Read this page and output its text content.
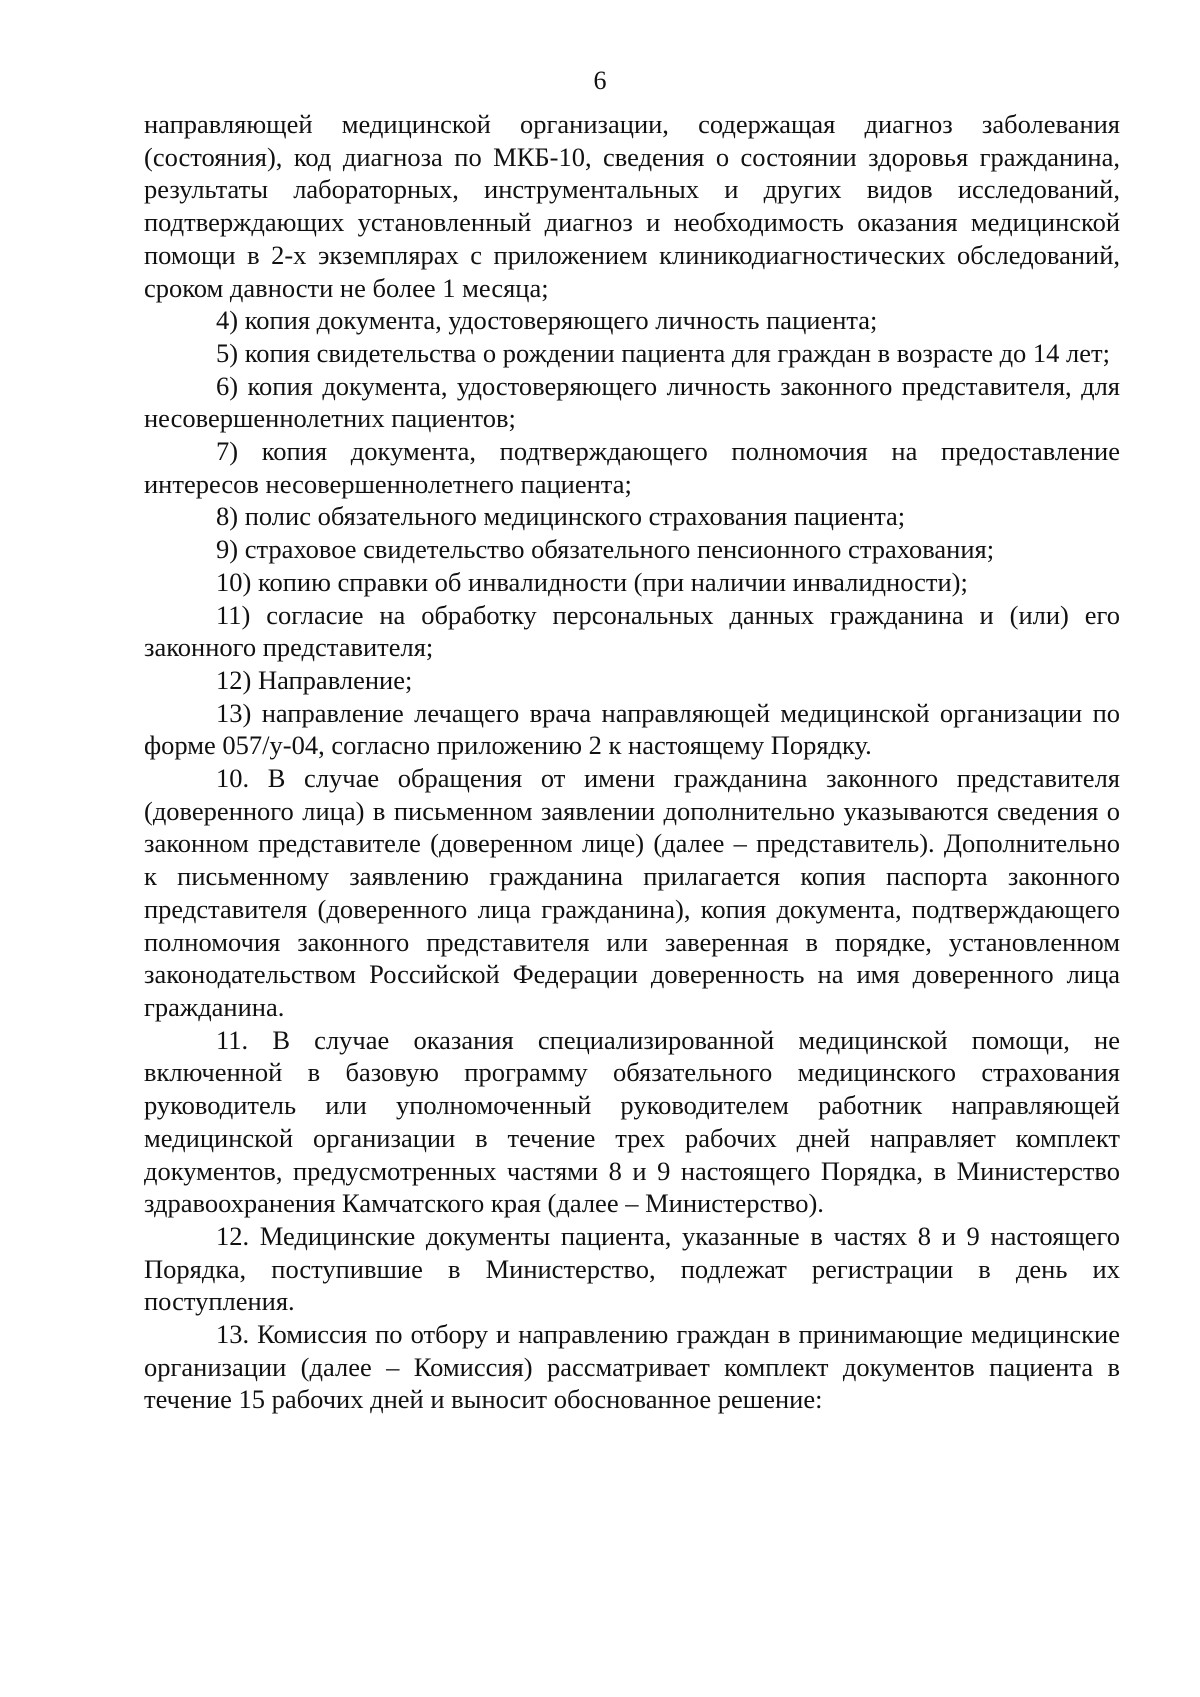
6

направляющей медицинской организации, содержащая диагноз заболевания (состояния), код диагноза по МКБ-10, сведения о состоянии здоровья гражданина, результаты лабораторных, инструментальных и других видов исследований, подтверждающих установленный диагноз и необходимость оказания медицинской помощи в 2-х экземплярах с приложением клиникодиагностических обследований, сроком давности не более 1 месяца;

4) копия документа, удостоверяющего личность пациента;

5) копия свидетельства о рождении пациента для граждан в возрасте до 14 лет;

6) копия документа, удостоверяющего личность законного представителя, для несовершеннолетних пациентов;

7) копия документа, подтверждающего полномочия на предоставление интересов несовершеннолетнего пациента;

8) полис обязательного медицинского страхования пациента;

9) страховое свидетельство обязательного пенсионного страхования;

10) копию справки об инвалидности (при наличии инвалидности);

11) согласие на обработку персональных данных гражданина и (или) его законного представителя;

12) Направление;

13) направление лечащего врача направляющей медицинской организации по форме 057/у-04, согласно приложению 2 к настоящему Порядку.

10. В случае обращения от имени гражданина законного представителя (доверенного лица) в письменном заявлении дополнительно указываются сведения о законном представителе (доверенном лице) (далее – представитель). Дополнительно к письменному заявлению гражданина прилагается копия паспорта законного представителя (доверенного лица гражданина), копия документа, подтверждающего полномочия законного представителя или заверенная в порядке, установленном законодательством Российской Федерации доверенность на имя доверенного лица гражданина.

11. В случае оказания специализированной медицинской помощи, не включенной в базовую программу обязательного медицинского страхования руководитель или уполномоченный руководителем работник направляющей медицинской организации в течение трех рабочих дней направляет комплект документов, предусмотренных частями 8 и 9 настоящего Порядка, в Министерство здравоохранения Камчатского края (далее – Министерство).

12. Медицинские документы пациента, указанные в частях 8 и 9 настоящего Порядка, поступившие в Министерство, подлежат регистрации в день их поступления.

13. Комиссия по отбору и направлению граждан в принимающие медицинские организации (далее – Комиссия) рассматривает комплект документов пациента в течение 15 рабочих дней и выносит обоснованное решение:
